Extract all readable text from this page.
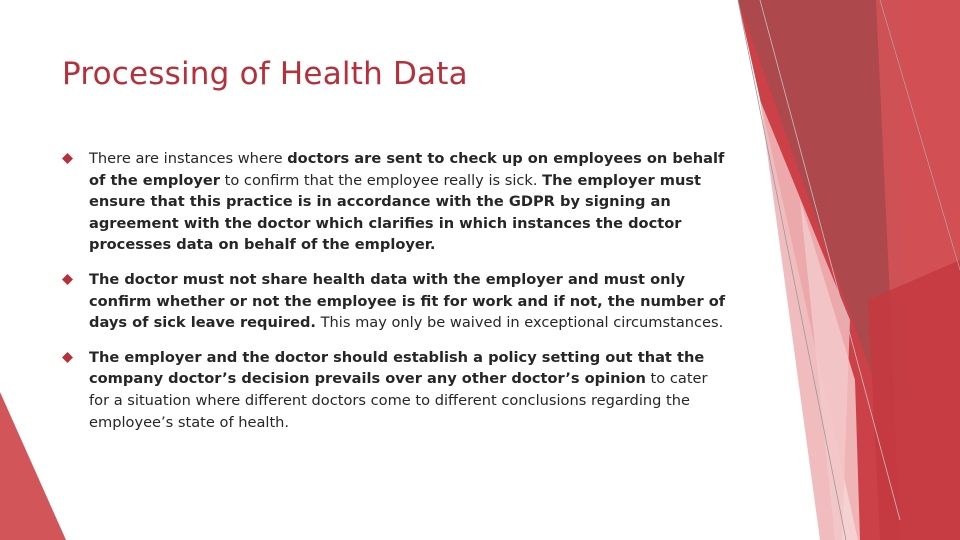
Processing of Health Data

There are instances where doctors are sent to check up on employees on behalf of the employer to confirm that the employee really is sick. The employer must ensure that this practice is in accordance with the GDPR by signing an agreement with the doctor which clarifies in which instances the doctor processes data on behalf of the employer.

The doctor must not share health data with the employer and must only confirm whether or not the employee is fit for work and if not, the number of days of sick leave required. This may only be waived in exceptional circumstances.

The employer and the doctor should establish a policy setting out that the company doctor’s decision prevails over any other doctor’s opinion to cater for a situation where different doctors come to different conclusions regarding the employee’s state of health.
